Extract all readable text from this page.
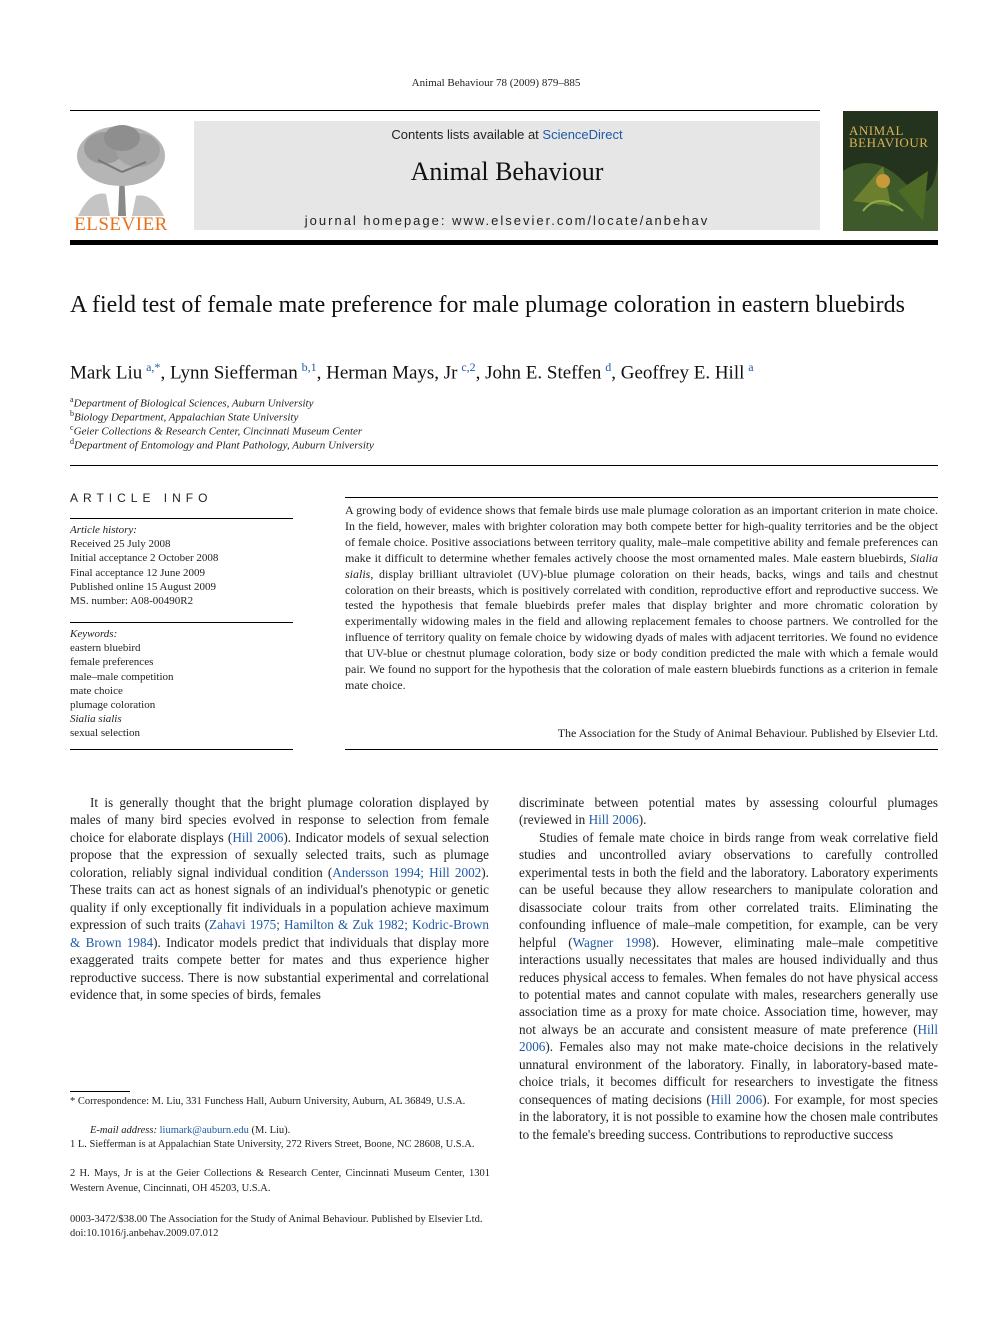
Animal Behaviour 78 (2009) 879–885
ELSEVIER
Contents lists available at ScienceDirect
Animal Behaviour
journal homepage: www.elsevier.com/locate/anbehav
ANIMAL BEHAVIOUR
A field test of female mate preference for male plumage coloration in eastern bluebirds
Mark Liu  $^{a,*}$, Lynn Siefferman  $^{b,1}$, Herman Mays, Jr  $^{c,2}$, John E. Steffen  $^d$, Geoffrey E. Hill  $^a$
$^a$Department of Biological Sciences, Auburn University
$^b$Biology Department, Appalachian State University
$^c$Geier Collections & Research Center, Cincinnati Museum Center
$^d$Department of Entomology and Plant Pathology, Auburn University
ARTICLE INFO
Article history:
Received 25 July 2008
Initial acceptance 2 October 2008
Final acceptance 12 June 2009
Published online 15 August 2009
MS. number: A08-00490R2
Keywords:
eastern bluebird
female preferences
male–male competition
mate choice
plumage coloration
Sialia sialis
sexual selection
A growing body of evidence shows that female birds use male plumage coloration as an important criterion in mate choice. In the field, however, males with brighter coloration may both compete better for high-quality territories and be the object of female choice. Positive associations between territory quality, male–male competitive ability and female preferences can make it difficult to determine whether females actively choose the most ornamented males. Male eastern bluebirds, Sialia sialis, display brilliant ultraviolet (UV)-blue plumage coloration on their heads, backs, wings and tails and chestnut coloration on their breasts, which is positively correlated with condition, reproductive effort and reproductive success. We tested the hypothesis that female bluebirds prefer males that display brighter and more chromatic coloration by experimentally widowing males in the field and allowing replacement females to choose partners. We controlled for the influence of territory quality on female choice by widowing dyads of males with adjacent territories. We found no evidence that UV-blue or chestnut plumage coloration, body size or body condition predicted the male with which a female would pair. We found no support for the hypothesis that the coloration of male eastern bluebirds functions as a criterion in female mate choice.
The Association for the Study of Animal Behaviour. Published by Elsevier Ltd.

It is generally thought that the bright plumage coloration displayed by males of many bird species evolved in response to selection from female choice for elaborate displays (Hill 2006). Indicator models of sexual selection propose that the expression of sexually selected traits, such as plumage coloration, reliably signal individual condition (Andersson 1994; Hill 2002). These traits can act as honest signals of an individual's phenotypic or genetic quality if only exceptionally fit individuals in a population achieve maximum expression of such traits (Zahavi 1975; Hamilton & Zuk 1982; Kodric-Brown & Brown 1984). Indicator models predict that individuals that display more exaggerated traits compete better for mates and thus experience higher reproductive success. There is now substantial experimental and correlational evidence that, in some species of birds, females

discriminate between potential mates by assessing colourful plumages (reviewed in Hill 2006).

Studies of female mate choice in birds range from weak correlative field studies and uncontrolled aviary observations to carefully controlled experimental tests in both the field and the laboratory. Laboratory experiments can be useful because they allow researchers to manipulate coloration and disassociate colour traits from other correlated traits. Eliminating the confounding influence of male–male competition, for example, can be very helpful (Wagner 1998). However, eliminating male–male competitive interactions usually necessitates that males are housed individually and thus reduces physical access to females. When females do not have physical access to potential mates and cannot copulate with males, researchers generally use association time as a proxy for mate choice. Association time, however, may not always be an accurate and consistent measure of mate preference (Hill 2006). Females also may not make mate-choice decisions in the relatively unnatural environment of the laboratory. Finally, in laboratory-based mate-choice trials, it becomes difficult for researchers to investigate the fitness consequences of mating decisions (Hill 2006). For example, for most species in the laboratory, it is not possible to examine how the chosen male contributes to the female's breeding success. Contributions to reproductive success

* Correspondence: M. Liu, 331 Funchess Hall, Auburn University, Auburn, AL 36849, U.S.A.
E-mail address: liumark@auburn.edu (M. Liu).
1 L. Siefferman is at Appalachian State University, 272 Rivers Street, Boone, NC 28608, U.S.A.
2 H. Mays, Jr is at the Geier Collections & Research Center, Cincinnati Museum Center, 1301 Western Avenue, Cincinnati, OH 45203, U.S.A.
0003-3472/$38.00 The Association for the Study of Animal Behaviour. Published by Elsevier Ltd.
doi:10.1016/j.anbehav.2009.07.012
